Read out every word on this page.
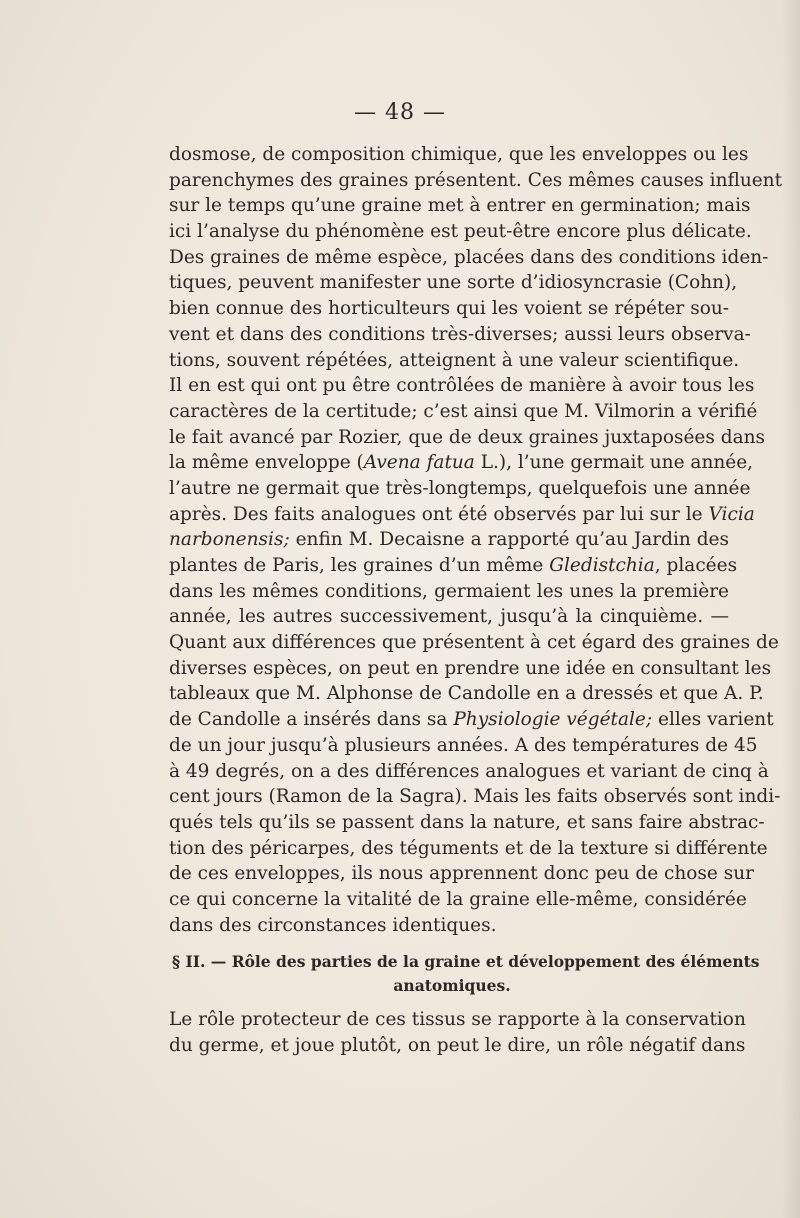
— 48 —
dosmose, de composition chimique, que les enveloppes ou les
parenchymes des graines présentent. Ces mêmes causes influent
sur le temps qu’une graine met à entrer en germination; mais
ici l’analyse du phénomène est peut-être encore plus délicate.
Des graines de même espèce, placées dans des conditions iden-
tiques, peuvent manifester une sorte d’idiosyncrasie (Cohn),
bien connue des horticulteurs qui les voient se répéter sou-
vent et dans des conditions très-diverses; aussi leurs observa-
tions, souvent répétées, atteignent à une valeur scientifique.
Il en est qui ont pu être contrôlées de manière à avoir tous les
caractères de la certitude; c’est ainsi que M. Vilmorin a vérifié
le fait avancé par Rozier, que de deux graines juxtaposées dans
la même enveloppe (Avena fatua L.), l’une germait une année,
l’autre ne germait que très-longtemps, quelquefois une année
après. Des faits analogues ont été observés par lui sur le Vicia
narbonensis; enfin M. Decaisne a rapporté qu’au Jardin des
plantes de Paris, les graines d’un même Gledistchia, placées
dans les mêmes conditions, germaient les unes la première
année, les autres successivement, jusqu’à la cinquième. —
Quant aux différences que présentent à cet égard des graines de
diverses espèces, on peut en prendre une idée en consultant les
tableaux que M. Alphonse de Candolle en a dressés et que A. P.
de Candolle a insérés dans sa Physiologie végétale; elles varient
de un jour jusqu’à plusieurs années. A des températures de 45
à 49 degrés, on a des différences analogues et variant de cinq à
cent jours (Ramon de la Sagra). Mais les faits observés sont indi-
qués tels qu’ils se passent dans la nature, et sans faire abstrac-
tion des péricarpes, des téguments et de la texture si différente
de ces enveloppes, ils nous apprennent donc peu de chose sur
ce qui concerne la vitalité de la graine elle-même, considérée
dans des circonstances identiques.
§ II. — Rôle des parties de la graine et développement des éléments
anatomiques.
Le rôle protecteur de ces tissus se rapporte à la conservation
du germe, et joue plutôt, on peut le dire, un rôle négatif dans
